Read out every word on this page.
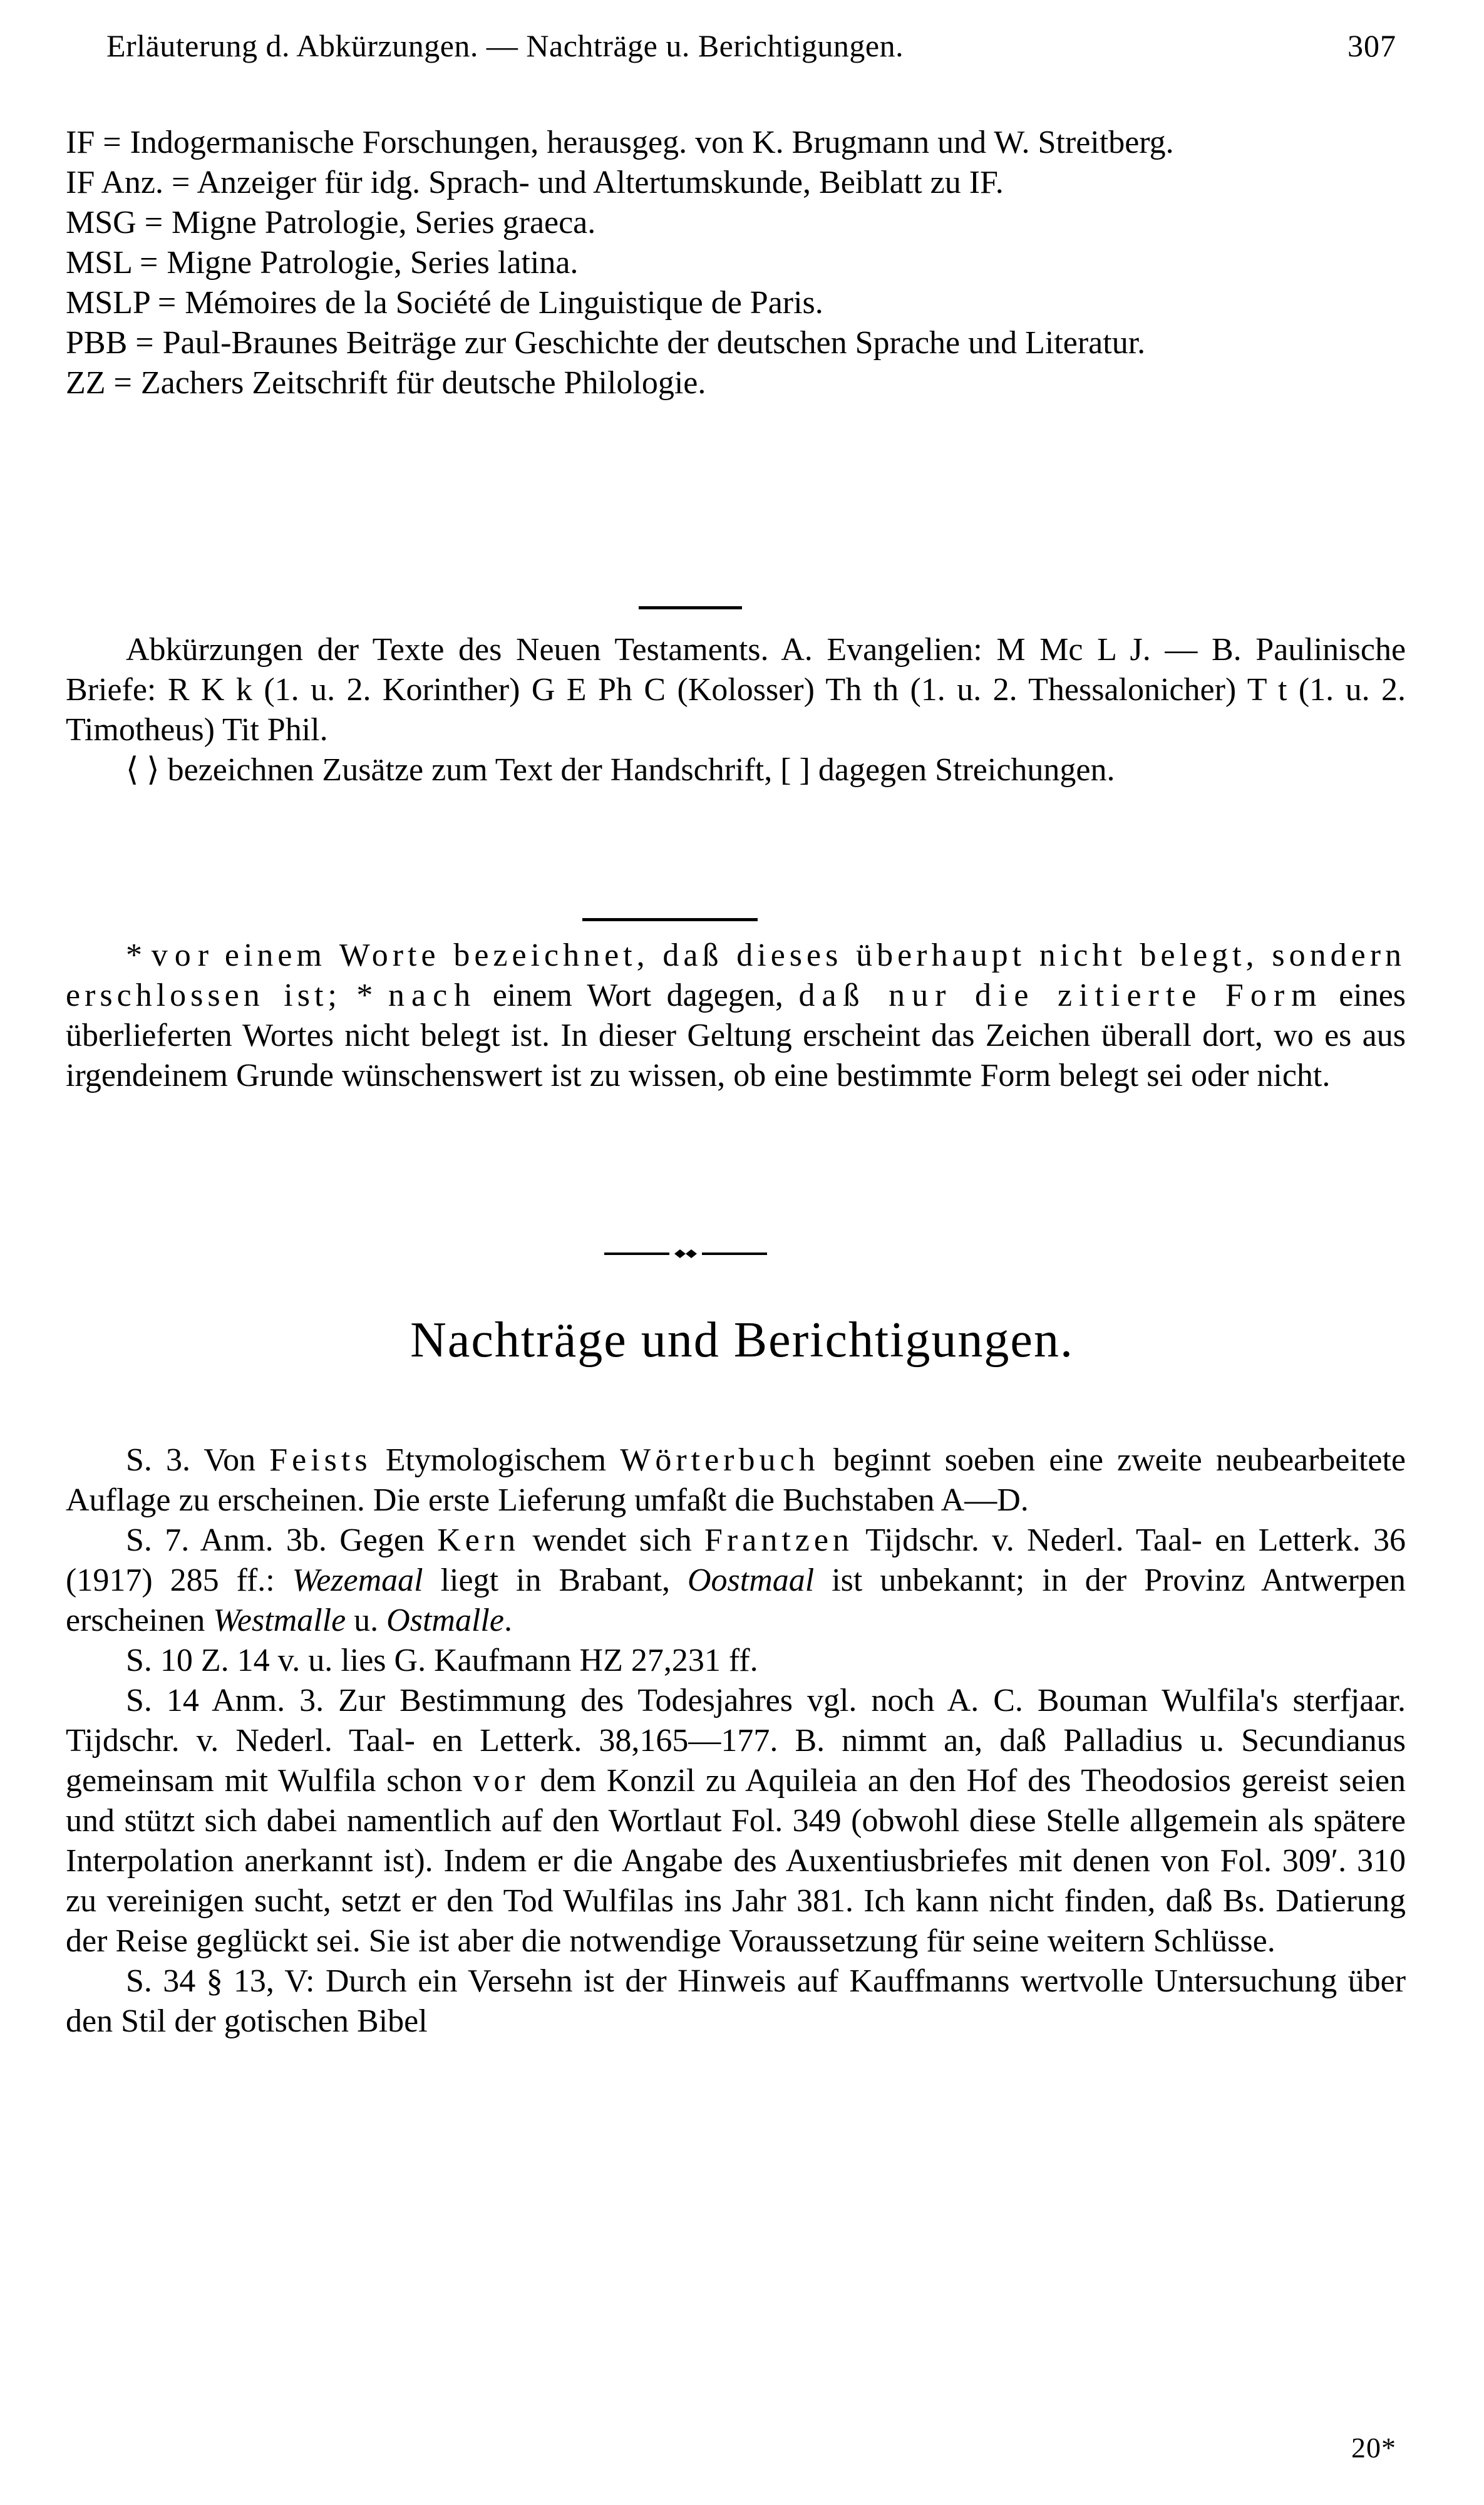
307
Erläuterung d. Abkürzungen. — Nachträge u. Berichtigungen.

IF = Indogermanische Forschungen, herausgeg. von K. Brugmann und W. Streitberg.

IF Anz. = Anzeiger für idg. Sprach- und Altertumskunde, Beiblatt zu IF.

MSG = Migne Patrologie, Series graeca.

MSL = Migne Patrologie, Series latina.

MSLP = Mémoires de la Société de Linguistique de Paris.

PBB = Paul-Braunes Beiträge zur Geschichte der deutschen Sprache und Literatur.

ZZ = Zachers Zeitschrift für deutsche Philologie.

Abkürzungen der Texte des Neuen Testaments. A. Evangelien: M Mc L J. — B. Paulinische Briefe: R K k (1. u. 2. Korinther) G E Ph C (Kolosser) Th th (1. u. 2. Thessalonicher) T t (1. u. 2. Timotheus) Tit Phil.

⟨ ⟩ bezeichnen Zusätze zum Text der Handschrift, [ ] dagegen Streichungen.

* vor einem Worte bezeichnet, daß dieses überhaupt nicht belegt, sondern erschlossen ist; * nach einem Wort dagegen, daß nur die zitierte Form eines überlieferten Wortes nicht belegt ist. In dieser Geltung erscheint das Zeichen überall dort, wo es aus irgendeinem Grunde wünschenswert ist zu wissen, ob eine bestimmte Form belegt sei oder nicht.

Nachträge und Berichtigungen.

S. 3. Von Feists Etymologischem Wörterbuch beginnt soeben eine zweite neubearbeitete Auflage zu erscheinen. Die erste Lieferung umfaßt die Buchstaben A—D.

S. 7. Anm. 3b. Gegen Kern wendet sich Frantzen Tijdschr. v. Nederl. Taal- en Letterk. 36 (1917) 285 ff.: Wezemaal liegt in Brabant, Oostmaal ist unbekannt; in der Provinz Antwerpen erscheinen Westmalle u. Ostmalle.

S. 10 Z. 14 v. u. lies G. Kaufmann HZ 27,231 ff.

S. 14 Anm. 3. Zur Bestimmung des Todesjahres vgl. noch A. C. Bouman Wulfila's sterfjaar. Tijdschr. v. Nederl. Taal- en Letterk. 38,165—177. B. nimmt an, daß Palladius u. Secundianus gemeinsam mit Wulfila schon vor dem Konzil zu Aquileia an den Hof des Theodosios gereist seien und stützt sich dabei namentlich auf den Wortlaut Fol. 349 (obwohl diese Stelle allgemein als spätere Interpolation anerkannt ist). Indem er die Angabe des Auxentiusbriefes mit denen von Fol. 309′. 310 zu vereinigen sucht, setzt er den Tod Wulfilas ins Jahr 381. Ich kann nicht finden, daß Bs. Datierung der Reise geglückt sei. Sie ist aber die notwendige Voraussetzung für seine weitern Schlüsse.

S. 34 § 13, V: Durch ein Versehn ist der Hinweis auf Kauffmanns wertvolle Untersuchung über den Stil der gotischen Bibel

20*
